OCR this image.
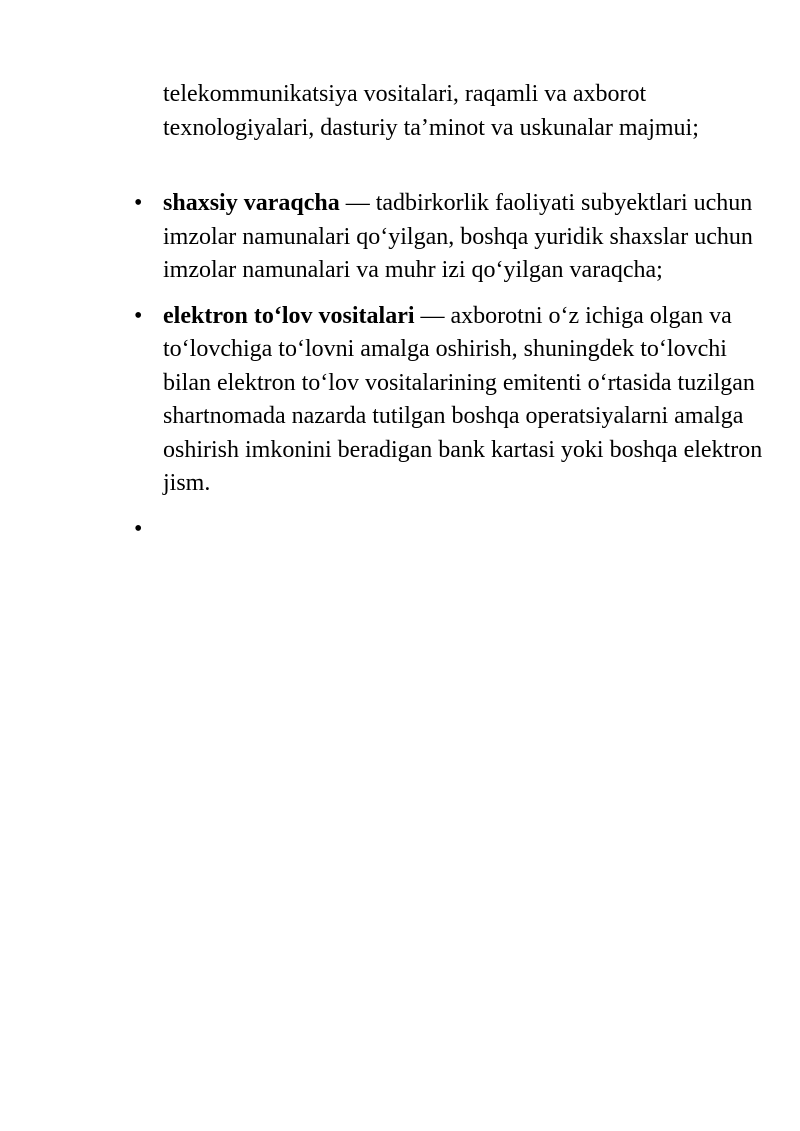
telekommunikatsiya vositalari, raqamli va axborot texnologiyalari, dasturiy ta’minot va uskunalar majmui;
• shaxsiy varaqcha — tadbirkorlik faoliyati subyektlari uchun imzolar namunalari qo‘yilgan, boshqa yuridik shaxslar uchun imzolar namunalari va muhr izi qo‘yilgan varaqcha;
• elektron to‘lov vositalari — axborotni o‘z ichiga olgan va to‘lovchiga to‘lovni amalga oshirish, shuningdek to‘lovchi bilan elektron to‘lov vositalarining emitenti o‘rtasida tuzilgan shartnomada nazarda tutilgan boshqa operatsiyalarni amalga oshirish imkonini beradigan bank kartasi yoki boshqa elektron jism.
•
